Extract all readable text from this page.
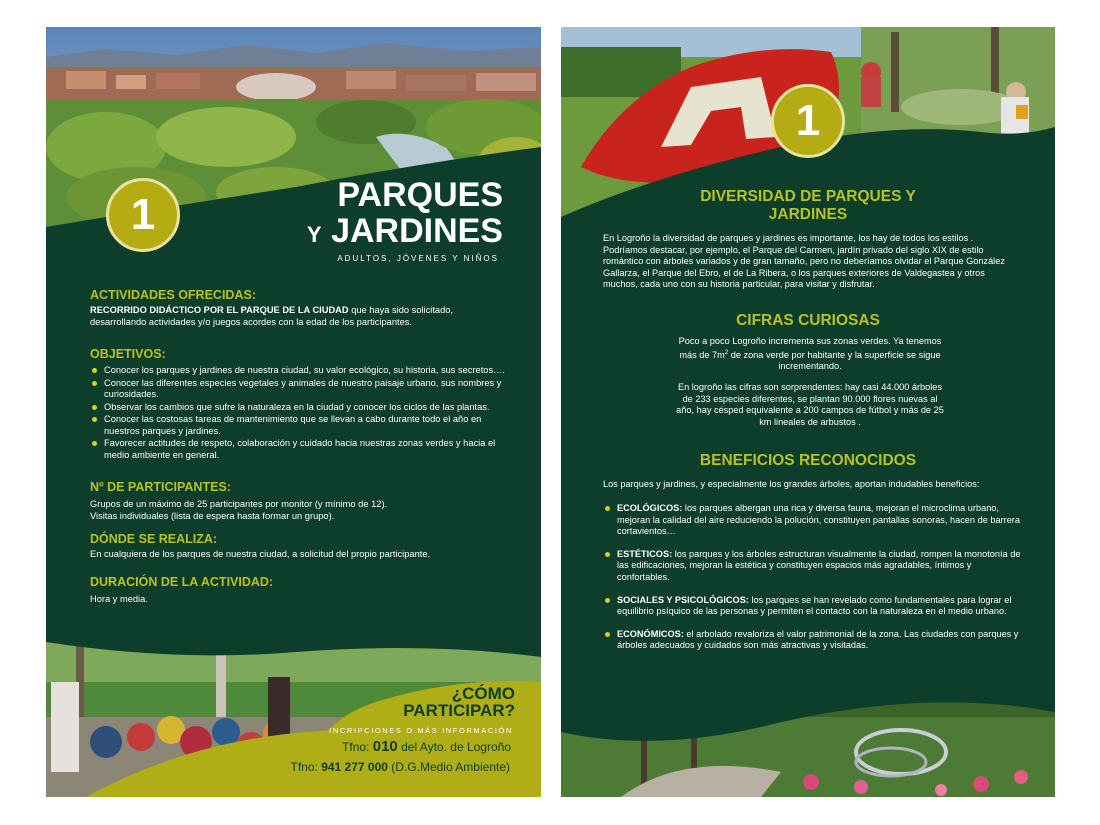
1	PARQUES
Y JARDINES
ADULTOS, JÓVENES Y NIÑOS
ACTIVIDADES OFRECIDAS:
RECORRIDO DIDÁCTICO POR EL PARQUE DE LA CIUDAD que haya sido solicitado, desarrollando actividades y/o juegos acordes con la edad de los participantes.
OBJETIVOS:
Conocer los parques y jardines de nuestra ciudad, su valor ecológico, su historia, sus secretos….
Conocer las diferentes especies vegetales y animales de nuestro paisaje urbano, sus nombres y curiosidades.
Observar los cambios que sufre la naturaleza en la ciudad y conocer los ciclos de las plantas.
Conocer las costosas tareas de mantenimiento que se llevan a cabo durante todo el año en nuestros parques y jardines.
Favorecer actitudes de respeto, colaboración y cuidado hacia nuestras zonas verdes y hacia el medio ambiente en general.
Nº DE PARTICIPANTES:
Grupos de un máximo de 25 participantes por monitor (y mínimo de 12).
Visitas individuales (lista de espera hasta formar un grupo).
DÓNDE SE REALIZA:
En cualquiera de los parques de nuestra ciudad, a solicitud del propio participante.
DURACIÓN DE LA ACTIVIDAD:
Hora y media.
¿CÓMO
PARTICIPAR?
INCRIPCIONES O MÁS INFORMACIÓN
Tfno: 010 del Ayto. de Logroño
Tfno: 941 277 000 (D.G.Medio Ambiente)
1
DIVERSIDAD DE PARQUES Y
JARDINES
En Logroño la diversidad de parques y jardines es importante, los hay de todos los estilos . Podríamos destacar, por ejemplo, el Parque del Carmen, jardín privado del siglo XIX de estilo romántico con árboles variados y de gran tamaño, pero no deberíamos olvidar el Parque González Gallarza, el Parque del Ebro, el de La Ribera, o los parques exteriores de Valdegastea y otros muchos, cada uno con su historia particular, para visitar y disfrutar.
CIFRAS CURIOSAS
Poco a poco Logroño incrementa sus zonas verdes. Ya tenemos más de $7m^2$ de zona verde por habitante y la superficie se sigue incrementando.
En logroño las cifras son sorprendentes: hay casi 44.000 árboles de 233 especies diferentes, se plantan 90.000 flores nuevas al año, hay césped equivalente a 200 campos de fútbol y más de 25 km lineales de arbustos .
BENEFICIOS RECONOCIDOS
Los parques y jardines, y especialmente los grandes árboles, aportan indudables beneficios:
ECOLÓGICOS: los parques albergan una rica y diversa fauna, mejoran el microclima urbano, mejoran la calidad del aire reduciendo la polución, constituyen pantallas sonoras, hacen de barrera cortavientos…
ESTÉTICOS: los parques y los árboles estructuran visualmente la ciudad, rompen la monotonía de las edificaciones, mejoran la estética y constituyen espacios más agradables, íntimos y confortables.
SOCIALES Y PSICOLÓGICOS: los parques se han revelado como fundamentales para lograr el equilibrio psíquico de las personas y permiten el contacto con la naturaleza en el medio urbano.
ECONÓMICOS: el arbolado revaloriza el valor patrimonial de la zona. Las ciudades con parques y árboles adecuados y cuidados son más atractivas y visitadas.
